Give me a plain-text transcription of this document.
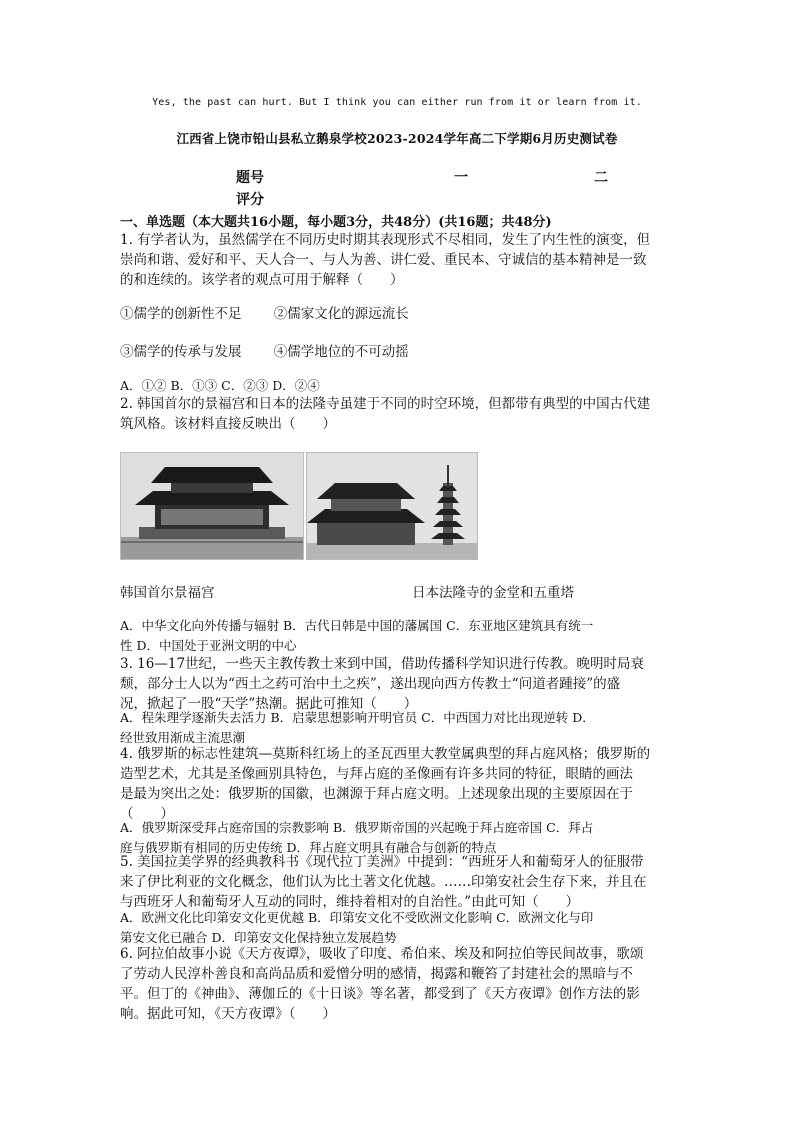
Yes, the past can hurt. But I think you can either run from it or learn from it.
江西省上饶市铅山县私立鹅泉学校2023-2024学年高二下学期6月历史测试卷
题号	一	二
评分
一、单选题（本大题共16小题，每小题3分，共48分）(共16题；共48分)
1. 有学者认为，虽然儒学在不同历史时期其表现形式不尽相同，发生了内生性的演变，但
崇尚和谐、爱好和平、天人合一、与人为善、讲仁爱、重民本、守诚信的基本精神是一致
的和连续的。该学者的观点可用于解释（　　）
①儒学的创新性不足 ②儒家文化的源远流长
③儒学的传承与发展 ④儒学地位的不可动摇
A．①② B．①③ C．②③ D．②④
2. 韩国首尔的景福宫和日本的法隆寺虽建于不同的时空环境，但都带有典型的中国古代建
筑风格。该材料直接反映出（　　）
韩国首尔景福宫	日本法隆寺的金堂和五重塔
A．中华文化向外传播与辐射 B．古代日韩是中国的藩属国 C．东亚地区建筑具有统一
性 D．中国处于亚洲文明的中心
3. 16—17世纪，一些天主教传教士来到中国，借助传播科学知识进行传教。晚明时局衰
颓，部分士人以为“西土之药可治中土之疾”，遂出现向西方传教士“问道者踵接”的盛
况，掀起了一股“天学”热潮。据此可推知（　　）
A．程朱理学逐渐失去活力 B．启蒙思想影响开明官员 C．中西国力对比出现逆转 D．
经世致用渐成主流思潮
4. 俄罗斯的标志性建筑—莫斯科红场上的圣瓦西里大教堂属典型的拜占庭风格；俄罗斯的
造型艺术，尤其是圣像画别具特色，与拜占庭的圣像画有许多共同的特征，眼睛的画法
是最为突出之处：俄罗斯的国徽，也渊源于拜占庭文明。上述现象出现的主要原因在于
（　　）
A．俄罗斯深受拜占庭帝国的宗教影响 B．俄罗斯帝国的兴起晚于拜占庭帝国 C．拜占
庭与俄罗斯有相同的历史传统 D．拜占庭文明具有融合与创新的特点
5. 美国拉美学界的经典教科书《现代拉丁美洲》中提到：“西班牙人和葡萄牙人的征服带
来了伊比利亚的文化概念，他们认为比土著文化优越。……印第安社会生存下来，并且在
与西班牙人和葡萄牙人互动的同时，维持着相对的自治性。”由此可知（　　）
A．欧洲文化比印第安文化更优越 B．印第安文化不受欧洲文化影响 C．欧洲文化与印
第安文化已融合 D．印第安文化保持独立发展趋势
6. 阿拉伯故事小说《天方夜谭》，吸收了印度、希伯来、埃及和阿拉伯等民间故事，歌颂
了劳动人民淳朴善良和高尚品质和爱憎分明的感情，揭露和鞭笞了封建社会的黑暗与不
平。但丁的《神曲》、薄伽丘的《十日谈》等名著，都受到了《天方夜谭》创作方法的影
响。据此可知，《天方夜谭》（　　）
